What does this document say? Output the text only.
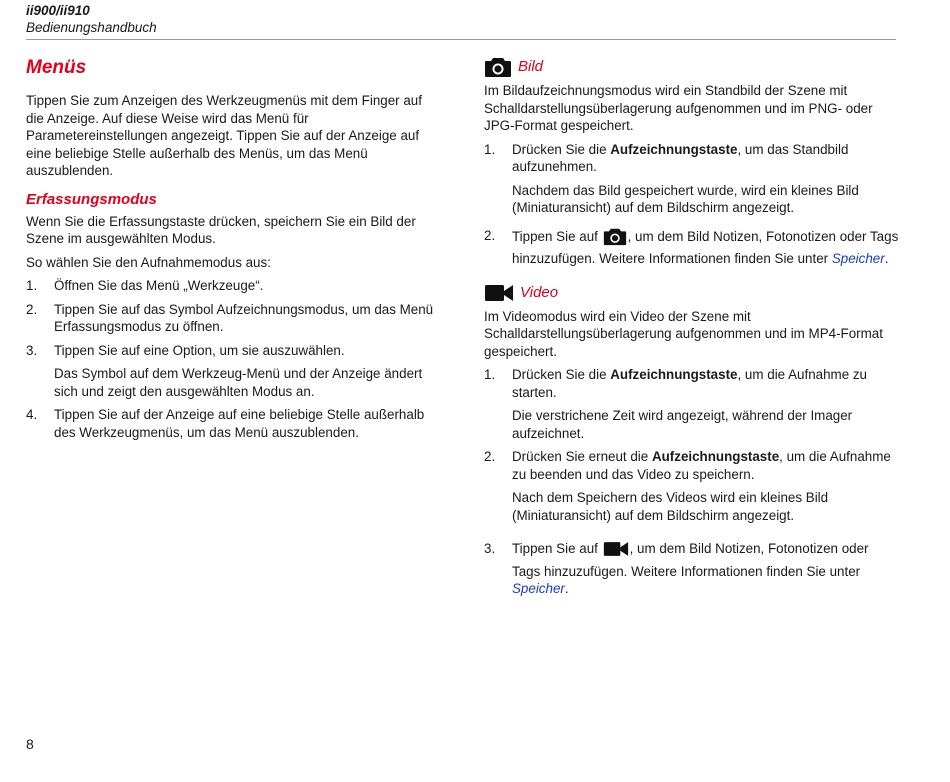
ii900/ii910
Bedienungshandbuch
Menüs

Tippen Sie zum Anzeigen des Werkzeugmenüs mit dem Finger auf die Anzeige. Auf diese Weise wird das Menü für Parametereinstellungen angezeigt. Tippen Sie auf der Anzeige auf eine beliebige Stelle außerhalb des Menüs, um das Menü auszublenden.

Erfassungsmodus

Wenn Sie die Erfassungstaste drücken, speichern Sie ein Bild der Szene im ausgewählten Modus.

So wählen Sie den Aufnahmemodus aus:

1. Öffnen Sie das Menü „Werkzeuge“.
2. Tippen Sie auf das Symbol Aufzeichnungsmodus, um das Menü Erfassungsmodus zu öffnen.
3. Tippen Sie auf eine Option, um sie auszuwählen.

Das Symbol auf dem Werkzeug-Menü und der Anzeige ändert sich und zeigt den ausgewählten Modus an.

4. Tippen Sie auf der Anzeige auf eine beliebige Stelle außerhalb des Werkzeugmenüs, um das Menü auszublenden.
Bild

Im Bildaufzeichnungsmodus wird ein Standbild der Szene mit Schalldarstellungsüberlagerung aufgenommen und im PNG- oder JPG-Format gespeichert.

1. Drücken Sie die Aufzeichnungstaste, um das Standbild aufzunehmen.

Nachdem das Bild gespeichert wurde, wird ein kleines Bild (Miniaturansicht) auf dem Bildschirm angezeigt.

2. Tippen Sie auf , um dem Bild Notizen, Fotonotizen oder Tags hinzuzufügen. Weitere Informationen finden Sie unter Speicher.
Video

Im Videomodus wird ein Video der Szene mit Schalldarstellungsüberlagerung aufgenommen und im MP4-Format gespeichert.

1. Drücken Sie die Aufzeichnungstaste, um die Aufnahme zu starten.

Die verstrichene Zeit wird angezeigt, während der Imager aufzeichnet.

2. Drücken Sie erneut die Aufzeichnungstaste, um die Aufnahme zu beenden und das Video zu speichern.

Nach dem Speichern des Videos wird ein kleines Bild (Miniaturansicht) auf dem Bildschirm angezeigt.

3. Tippen Sie auf , um dem Bild Notizen, Fotonotizen oder Tags hinzuzufügen. Weitere Informationen finden Sie unter Speicher.
8
